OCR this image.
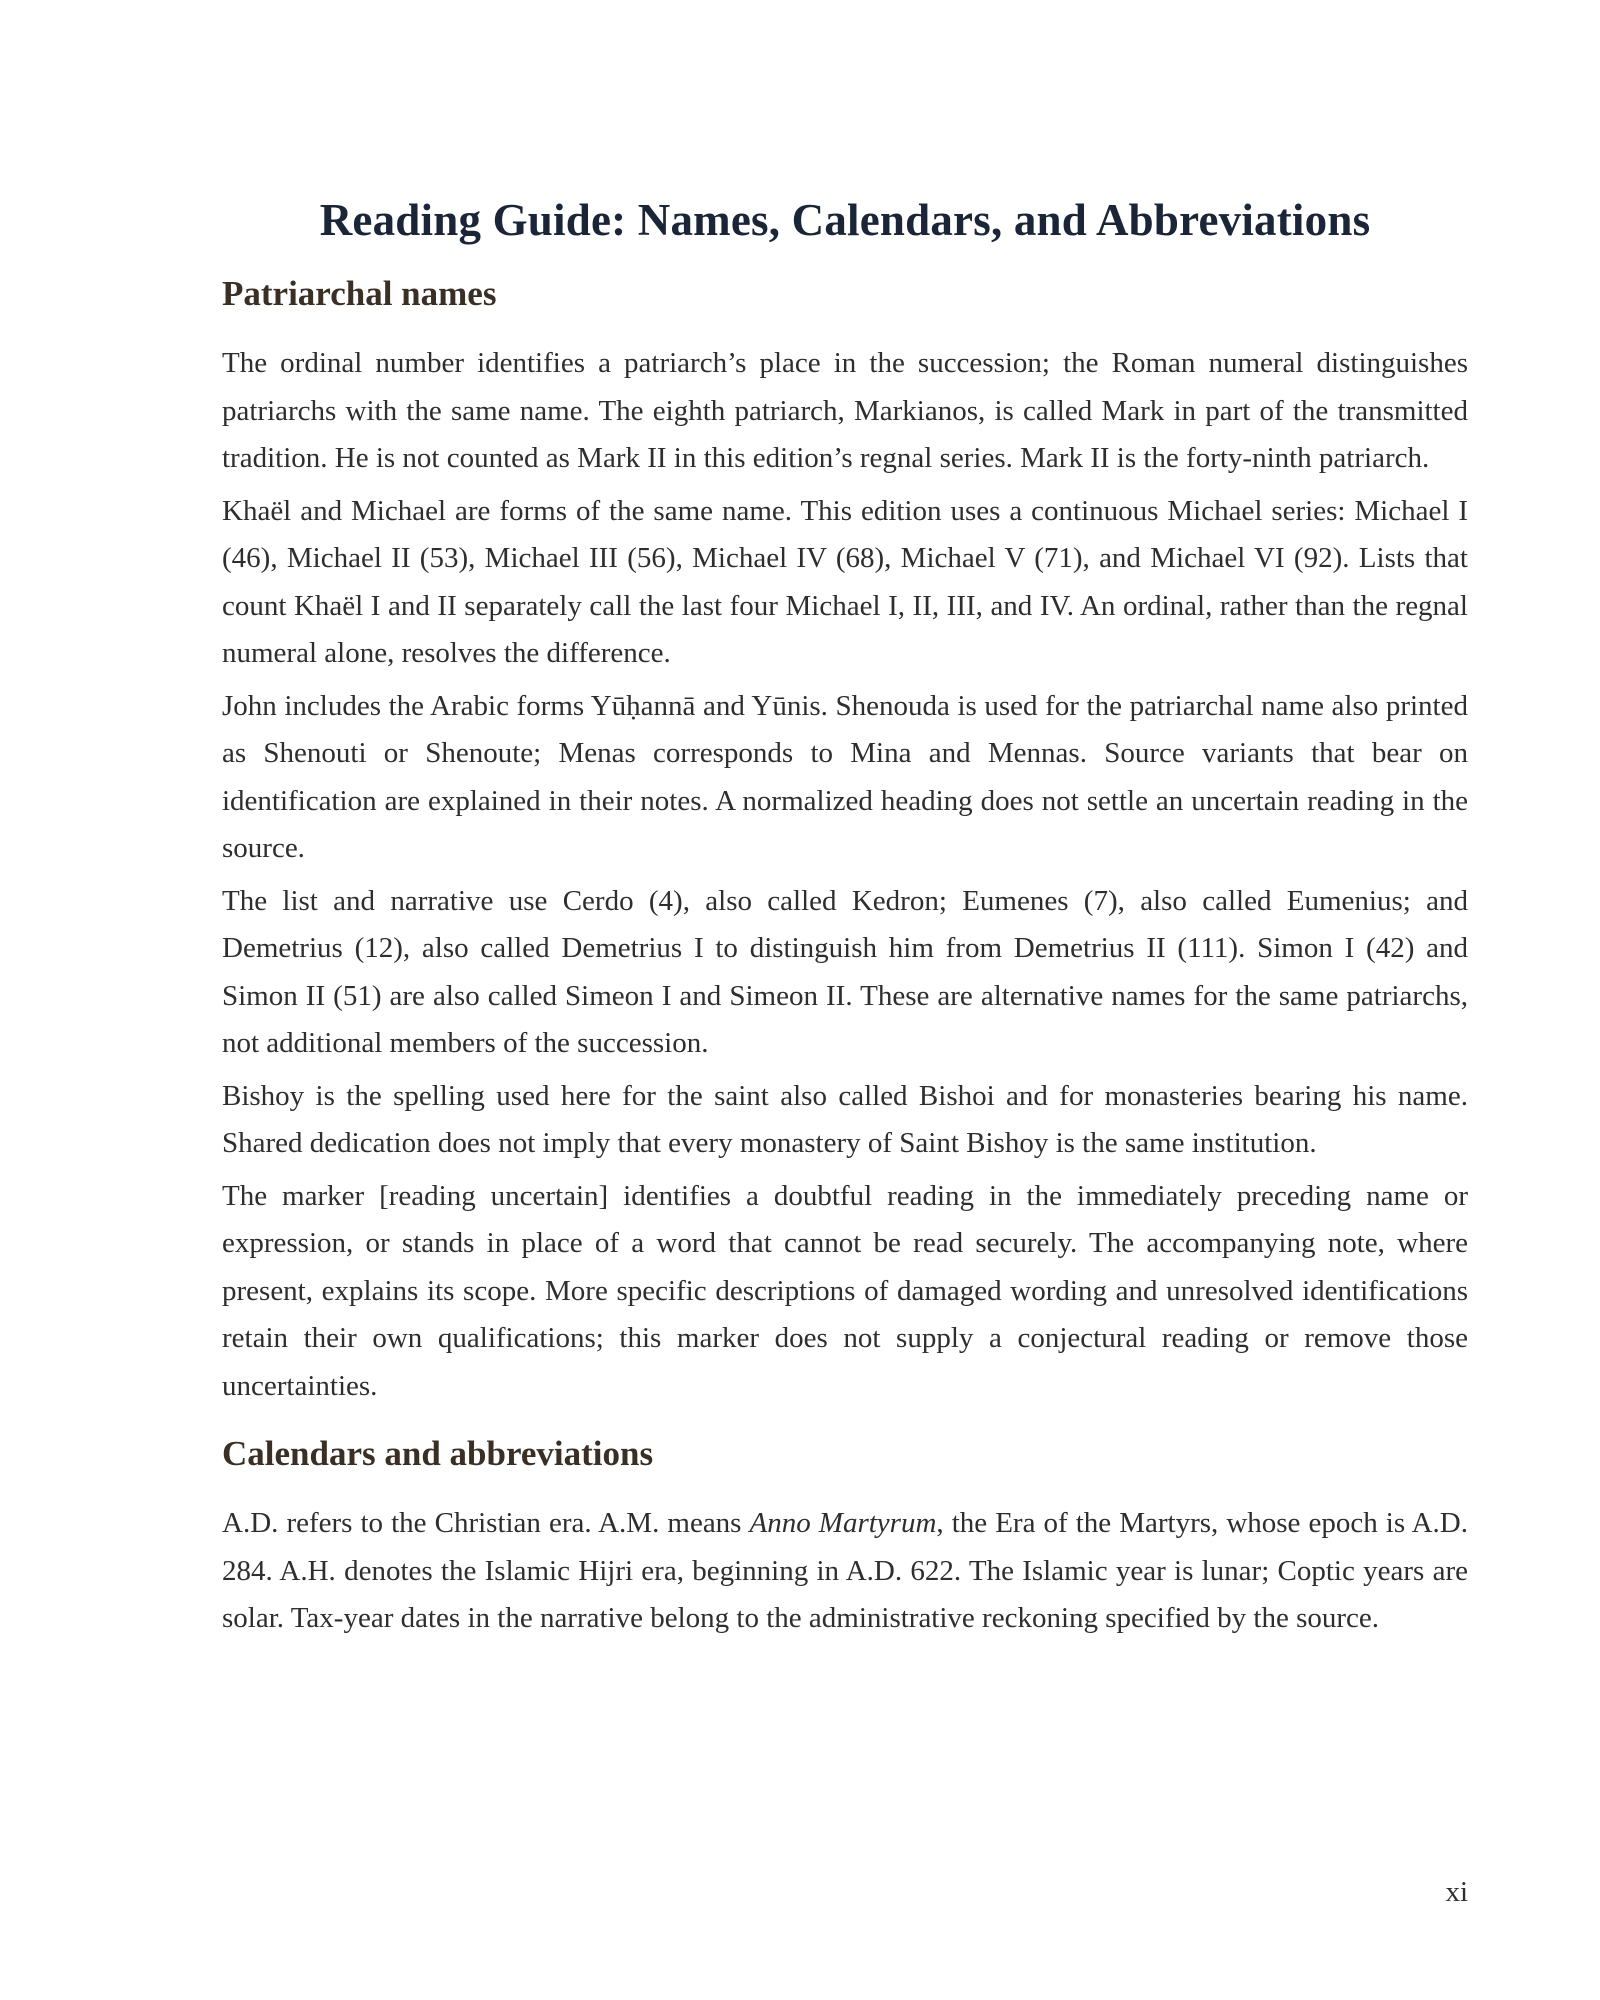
Reading Guide: Names, Calendars, and Abbreviations
Patriarchal names

The ordinal number identifies a patriarch’s place in the succession; the Roman numeral distinguishes patriarchs with the same name. The eighth patriarch, Markianos, is called Mark in part of the transmitted tradition. He is not counted as Mark II in this edition’s regnal series. Mark II is the forty-ninth patriarch.

Khaël and Michael are forms of the same name. This edition uses a continuous Michael series: Michael I (46), Michael II (53), Michael III (56), Michael IV (68), Michael V (71), and Michael VI (92). Lists that count Khaël I and II separately call the last four Michael I, II, III, and IV. An ordinal, rather than the regnal numeral alone, resolves the difference.

John includes the Arabic forms Yūḥannā and Yūnis. Shenouda is used for the patriarchal name also printed as Shenouti or Shenoute; Menas corresponds to Mina and Mennas. Source variants that bear on identification are explained in their notes. A normalized heading does not settle an uncertain reading in the source.

The list and narrative use Cerdo (4), also called Kedron; Eumenes (7), also called Eumenius; and Demetrius (12), also called Demetrius I to distinguish him from Demetrius II (111). Simon I (42) and Simon II (51) are also called Simeon I and Simeon II. These are alternative names for the same patriarchs, not additional members of the succession.

Bishoy is the spelling used here for the saint also called Bishoi and for monasteries bearing his name. Shared dedication does not imply that every monastery of Saint Bishoy is the same institution.

The marker [reading uncertain] identifies a doubtful reading in the immediately preceding name or expression, or stands in place of a word that cannot be read securely. The accompanying note, where present, explains its scope. More specific descriptions of damaged wording and unresolved identifications retain their own qualifications; this marker does not supply a conjectural reading or remove those uncertainties.

Calendars and abbreviations

A.D. refers to the Christian era. A.M. means Anno Martyrum, the Era of the Martyrs, whose epoch is A.D. 284. A.H. denotes the Islamic Hijri era, beginning in A.D. 622. The Islamic year is lunar; Coptic years are solar. Tax-year dates in the narrative belong to the administrative reckoning specified by the source.

xi
